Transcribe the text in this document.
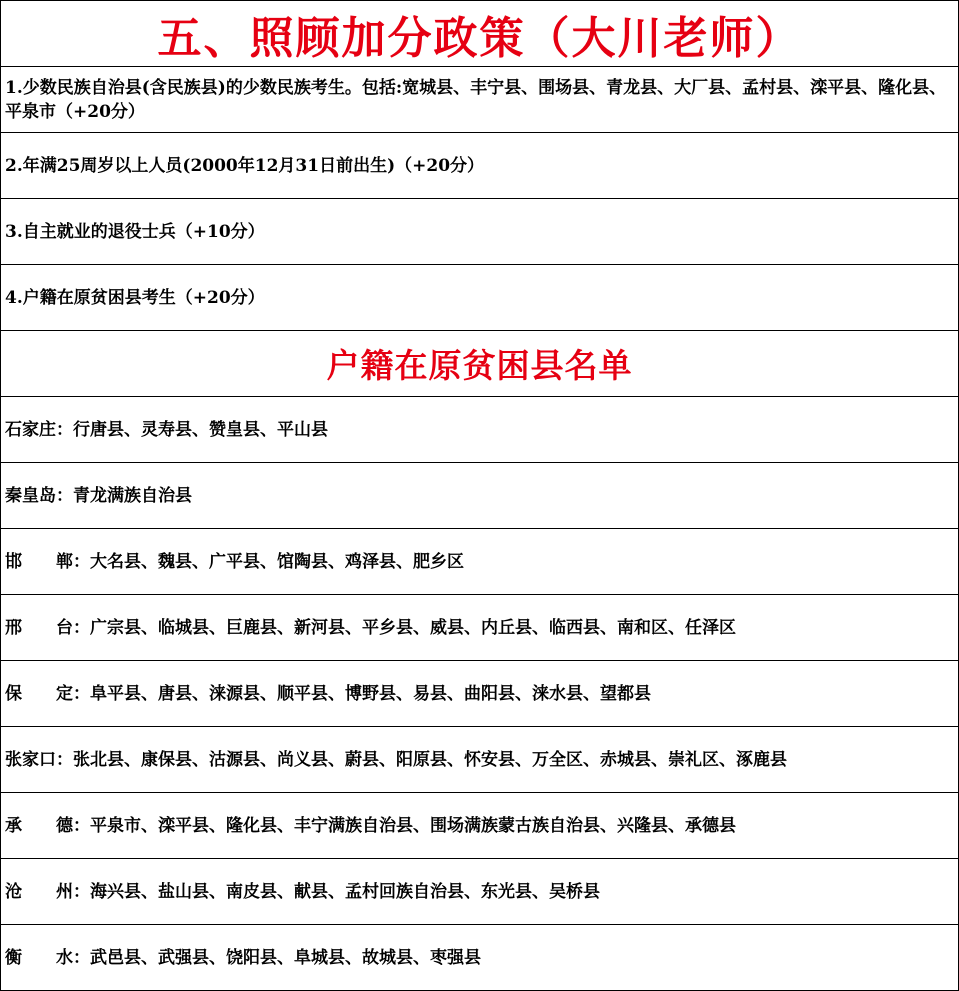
五、照顾加分政策（大川老师）
1.少数民族自治县(含民族县)的少数民族考生。包括:宽城县、丰宁县、围场县、青龙县、大厂县、孟村县、滦平县、隆化县、平泉市（+20分）
2.年满25周岁以上人员(2000年12月31日前出生)（+20分）
3.自主就业的退役士兵（+10分）
4.户籍在原贫困县考生（+20分）
户籍在原贫困县名单
石家庄：行唐县、灵寿县、赞皇县、平山县
秦皇岛：青龙满族自治县
邯　　郸：大名县、魏县、广平县、馆陶县、鸡泽县、肥乡区
邢　　台：广宗县、临城县、巨鹿县、新河县、平乡县、威县、内丘县、临西县、南和区、任泽区
保　　定：阜平县、唐县、涞源县、顺平县、博野县、易县、曲阳县、涞水县、望都县
张家口：张北县、康保县、沽源县、尚义县、蔚县、阳原县、怀安县、万全区、赤城县、崇礼区、涿鹿县
承　　德：平泉市、滦平县、隆化县、丰宁满族自治县、围场满族蒙古族自治县、兴隆县、承德县
沧　　州：海兴县、盐山县、南皮县、献县、孟村回族自治县、东光县、吴桥县
衡　　水：武邑县、武强县、饶阳县、阜城县、故城县、枣强县
